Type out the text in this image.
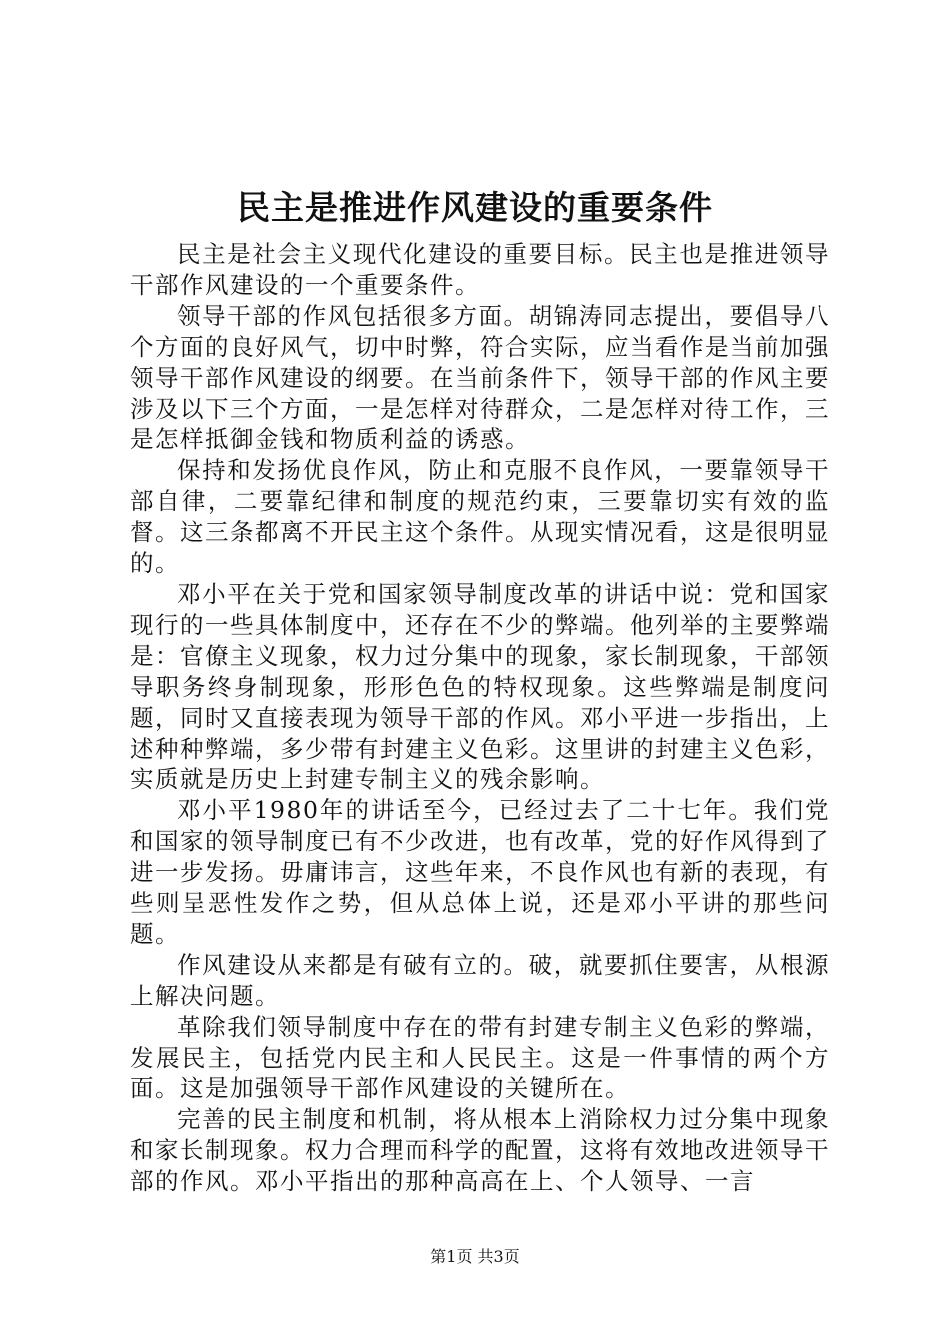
民主是推进作风建设的重要条件

民主是社会主义现代化建设的重要目标。民主也是推进领导干部作风建设的一个重要条件。

领导干部的作风包括很多方面。胡锦涛同志提出，要倡导八个方面的良好风气，切中时弊，符合实际，应当看作是当前加强领导干部作风建设的纲要。在当前条件下，领导干部的作风主要涉及以下三个方面，一是怎样对待群众，二是怎样对待工作，三是怎样抵御金钱和物质利益的诱惑。

保持和发扬优良作风，防止和克服不良作风，一要靠领导干部自律，二要靠纪律和制度的规范约束，三要靠切实有效的监督。这三条都离不开民主这个条件。从现实情况看，这是很明显的。

邓小平在关于党和国家领导制度改革的讲话中说：党和国家现行的一些具体制度中，还存在不少的弊端。他列举的主要弊端是：官僚主义现象，权力过分集中的现象，家长制现象，干部领导职务终身制现象，形形色色的特权现象。这些弊端是制度问题，同时又直接表现为领导干部的作风。邓小平进一步指出，上述种种弊端，多少带有封建主义色彩。这里讲的封建主义色彩，实质就是历史上封建专制主义的残余影响。

邓小平1980年的讲话至今，已经过去了二十七年。我们党和国家的领导制度已有不少改进，也有改革，党的好作风得到了进一步发扬。毋庸讳言，这些年来，不良作风也有新的表现，有些则呈恶性发作之势，但从总体上说，还是邓小平讲的那些问题。

作风建设从来都是有破有立的。破，就要抓住要害，从根源上解决问题。

革除我们领导制度中存在的带有封建专制主义色彩的弊端，发展民主，包括党内民主和人民民主。这是一件事情的两个方面。这是加强领导干部作风建设的关键所在。

完善的民主制度和机制，将从根本上消除权力过分集中现象和家长制现象。权力合理而科学的配置，这将有效地改进领导干部的作风。邓小平指出的那种高高在上、个人领导、一言

第1页 共3页
